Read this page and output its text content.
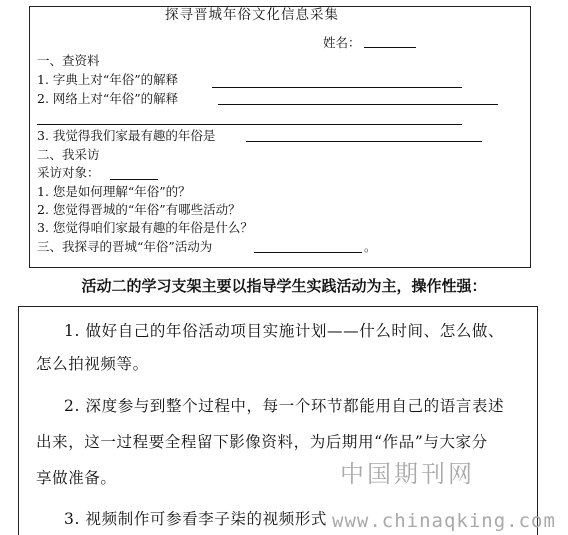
探寻晋城年俗文化信息采集
姓名：
一、查资料
1. 字典上对“年俗”的解释
2. 网络上对“年俗”的解释
3. 我觉得我们家最有趣的年俗是
二、我采访
采访对象：
1. 您是如何理解“年俗”的？
2. 您觉得晋城的“年俗”有哪些活动？
3. 您觉得咱们家最有趣的年俗是什么？
三、我探寻的晋城“年俗”活动为	。
活动二的学习支架主要以指导学生实践活动为主，操作性强：
1. 做好自己的年俗活动项目实施计划——什么时间、怎么做、
怎么拍视频等。
2. 深度参与到整个过程中，每一个环节都能用自己的语言表述
出来，这一过程要全程留下影像资料，为后期用“作品”与大家分
享做准备。
3. 视频制作可参看李子柒的视频形式
中国期刊网
www.chinaqking.com
